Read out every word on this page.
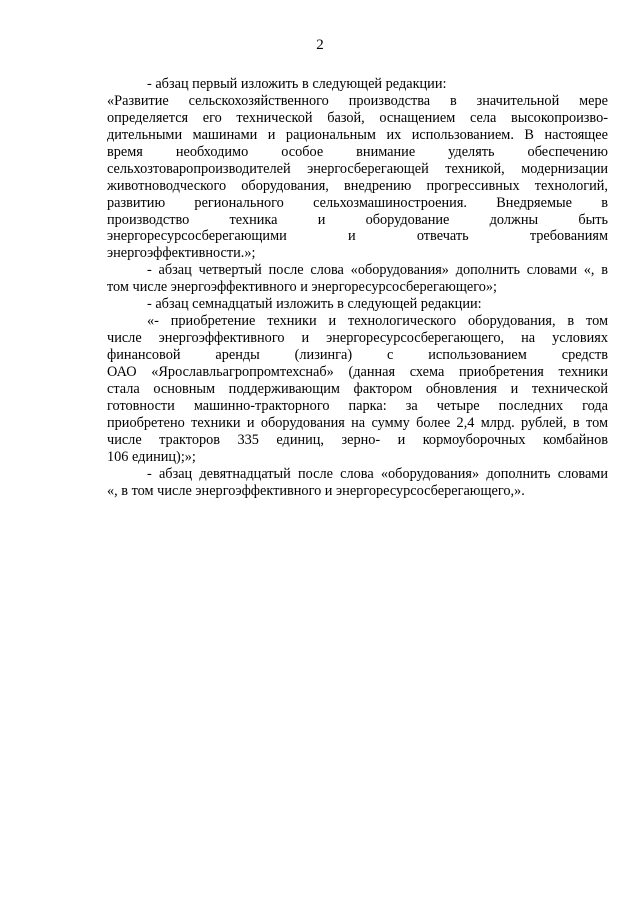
2
- абзац первый изложить в следующей редакции:
«Развитие сельскохозяйственного производства в значительной мере
определяется его технической базой, оснащением села высокопроизво-
дительными машинами и рациональным их использованием. В настоящее
время необходимо особое внимание уделять обеспечению
сельхозтоваропроизводителей энергосберегающей техникой, модернизации
животноводческого оборудования, внедрению прогрессивных технологий,
развитию регионального сельхозмашиностроения. Внедряемые в
производство техника и оборудование должны быть
энергоресурсосберегающими и отвечать требованиям
энергоэффективности.»;
- абзац четвертый после слова «оборудования» дополнить словами «, в
том числе энергоэффективного и энергоресурсосберегающего»;
- абзац семнадцатый изложить в следующей редакции:
«- приобретение техники и технологического оборудования, в том
числе энергоэффективного и энергоресурсосберегающего, на условиях
финансовой аренды (лизинга) с использованием средств
ОАО «Ярославльагропромтехснаб» (данная схема приобретения техники
стала основным поддерживающим фактором обновления и технической
готовности машинно-тракторного парка: за четыре последних года
приобретено техники и оборудования на сумму более 2,4 млрд. рублей, в том
числе тракторов 335 единиц, зерно- и кормоуборочных комбайнов
106 единиц);»;
- абзац девятнадцатый после слова «оборудования» дополнить словами
«, в том числе энергоэффективного и энергоресурсосберегающего,».
